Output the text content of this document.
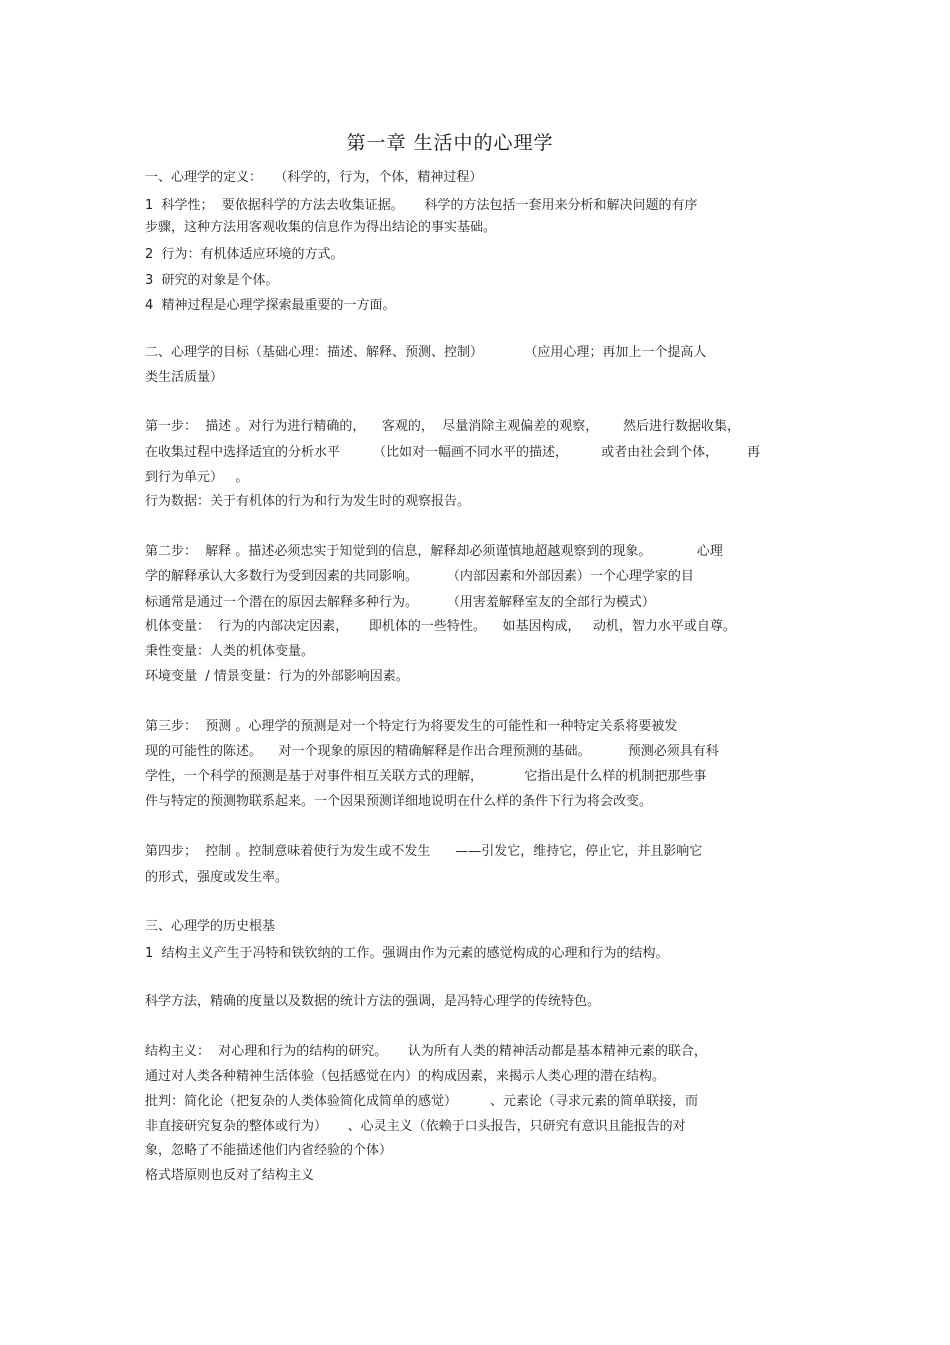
第一章 生活中的心理学
一、心理学的定义：   （科学的，行为，个体，精神过程）
1  科学性；  要依据科学的方法去收集证据。     科学的方法包括一套用来分析和解决问题的有序
步骤，这种方法用客观收集的信息作为得出结论的事实基础。
2  行为：有机体适应环境的方式。
3  研究的对象是个体。
4  精神过程是心理学探索最重要的一方面。
二、心理学的目标（基础心理：描述、解释、预测、控制）          （应用心理；再加上一个提高人
类生活质量）
第一步：  描述 。对行为进行精确的，    客观的，  尽量消除主观偏差的观察，      然后进行数据收集，
在收集过程中选择适宜的分析水平        （比如对一幅画不同水平的描述，        或者由社会到个体，       再
到行为单元）   。
行为数据：关于有机体的行为和行为发生时的观察报告。
第二步：  解释 。描述必须忠实于知觉到的信息，解释却必须谨慎地超越观察到的现象。           心理
学的解释承认大多数行为受到因素的共同影响。       （内部因素和外部因素）一个心理学家的目
标通常是通过一个潜在的原因去解释多种行为。       （用害羞解释室友的全部行为模式）
机体变量：  行为的内部决定因素，     即机体的一些特性。    如基因构成，   动机，智力水平或自尊。
秉性变量：人类的机体变量。
环境变量  / 情景变量：行为的外部影响因素。
第三步：  预测 。心理学的预测是对一个特定行为将要发生的可能性和一种特定关系将要被发
现的可能性的陈述。    对一个现象的原因的精确解释是作出合理预测的基础。         预测必须具有科
学性，一个科学的预测是基于对事件相互关联方式的理解，          它指出是什么样的机制把那些事
件与特定的预测物联系起来。一个因果预测详细地说明在什么样的条件下行为将会改变。
第四步；  控制 。控制意味着使行为发生或不发生      ——引发它，维持它，停止它，并且影响它
的形式，强度或发生率。
三、心理学的历史根基
1  结构主义产生于冯特和铁钦纳的工作。强调由作为元素的感觉构成的心理和行为的结构。
科学方法，精确的度量以及数据的统计方法的强调，是冯特心理学的传统特色。
结构主义：  对心理和行为的结构的研究。     认为所有人类的精神活动都是基本精神元素的联合，
通过对人类各种精神生活体验（包括感觉在内）的构成因素，来揭示人类心理的潜在结构。
批判：简化论（把复杂的人类体验简化成简单的感觉）        、元素论（寻求元素的简单联接，而
非直接研究复杂的整体或行为）     、心灵主义（依赖于口头报告，只研究有意识且能报告的对
象，忽略了不能描述他们内省经验的个体）
格式塔原则也反对了结构主义
